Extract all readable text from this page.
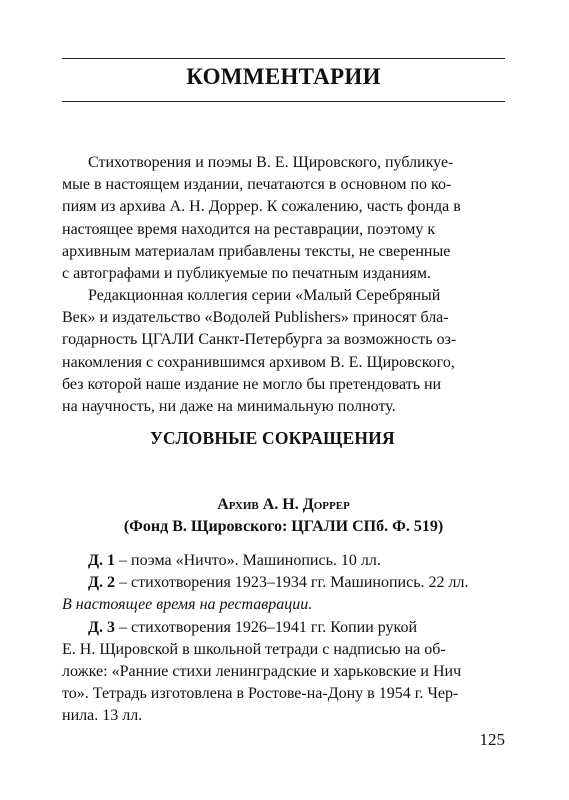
КОММЕНТАРИИ

Стихотворения и поэмы В. Е. Щировского, публикуе-
мые в настоящем издании, печатаются в основном по ко-
пиям из архива А. Н. Доррер. К сожалению, часть фонда в
настоящее время находится на реставрации, поэтому к
архивным материалам прибавлены тексты, не сверенные
с автографами и публикуемые по печатным изданиям.

Редакционная коллегия серии «Малый Серебряный
Век» и издательство «Водолей Publishers» приносят бла-
годарность ЦГАЛИ Санкт-Петербурга за возможность оз-
накомления с сохранившимся архивом В. Е. Щировского,
без которой наше издание не могло бы претендовать ни
на научность, ни даже на минимальную полноту.

УСЛОВНЫЕ СОКРАЩЕНИЯ
Архив А. Н. Доррер
(Фонд В. Щировского: ЦГАЛИ СПб. Ф. 519)
Д. 1 – поэма «Ничто». Машинопись. 10 лл.
Д. 2 – стихотворения 1923–1934 гг. Машинопись. 22 лл.
В настоящее время на реставрации.
Д. 3 – стихотворения 1926–1941 гг. Копии рукой
Е. Н. Щировской в школьной тетради с надписью на об-
ложке: «Ранние стихи ленинградские и харьковские и Нич
то». Тетрадь изготовлена в Ростове-на-Дону в 1954 г. Чер-
нила. 13 лл.
125
